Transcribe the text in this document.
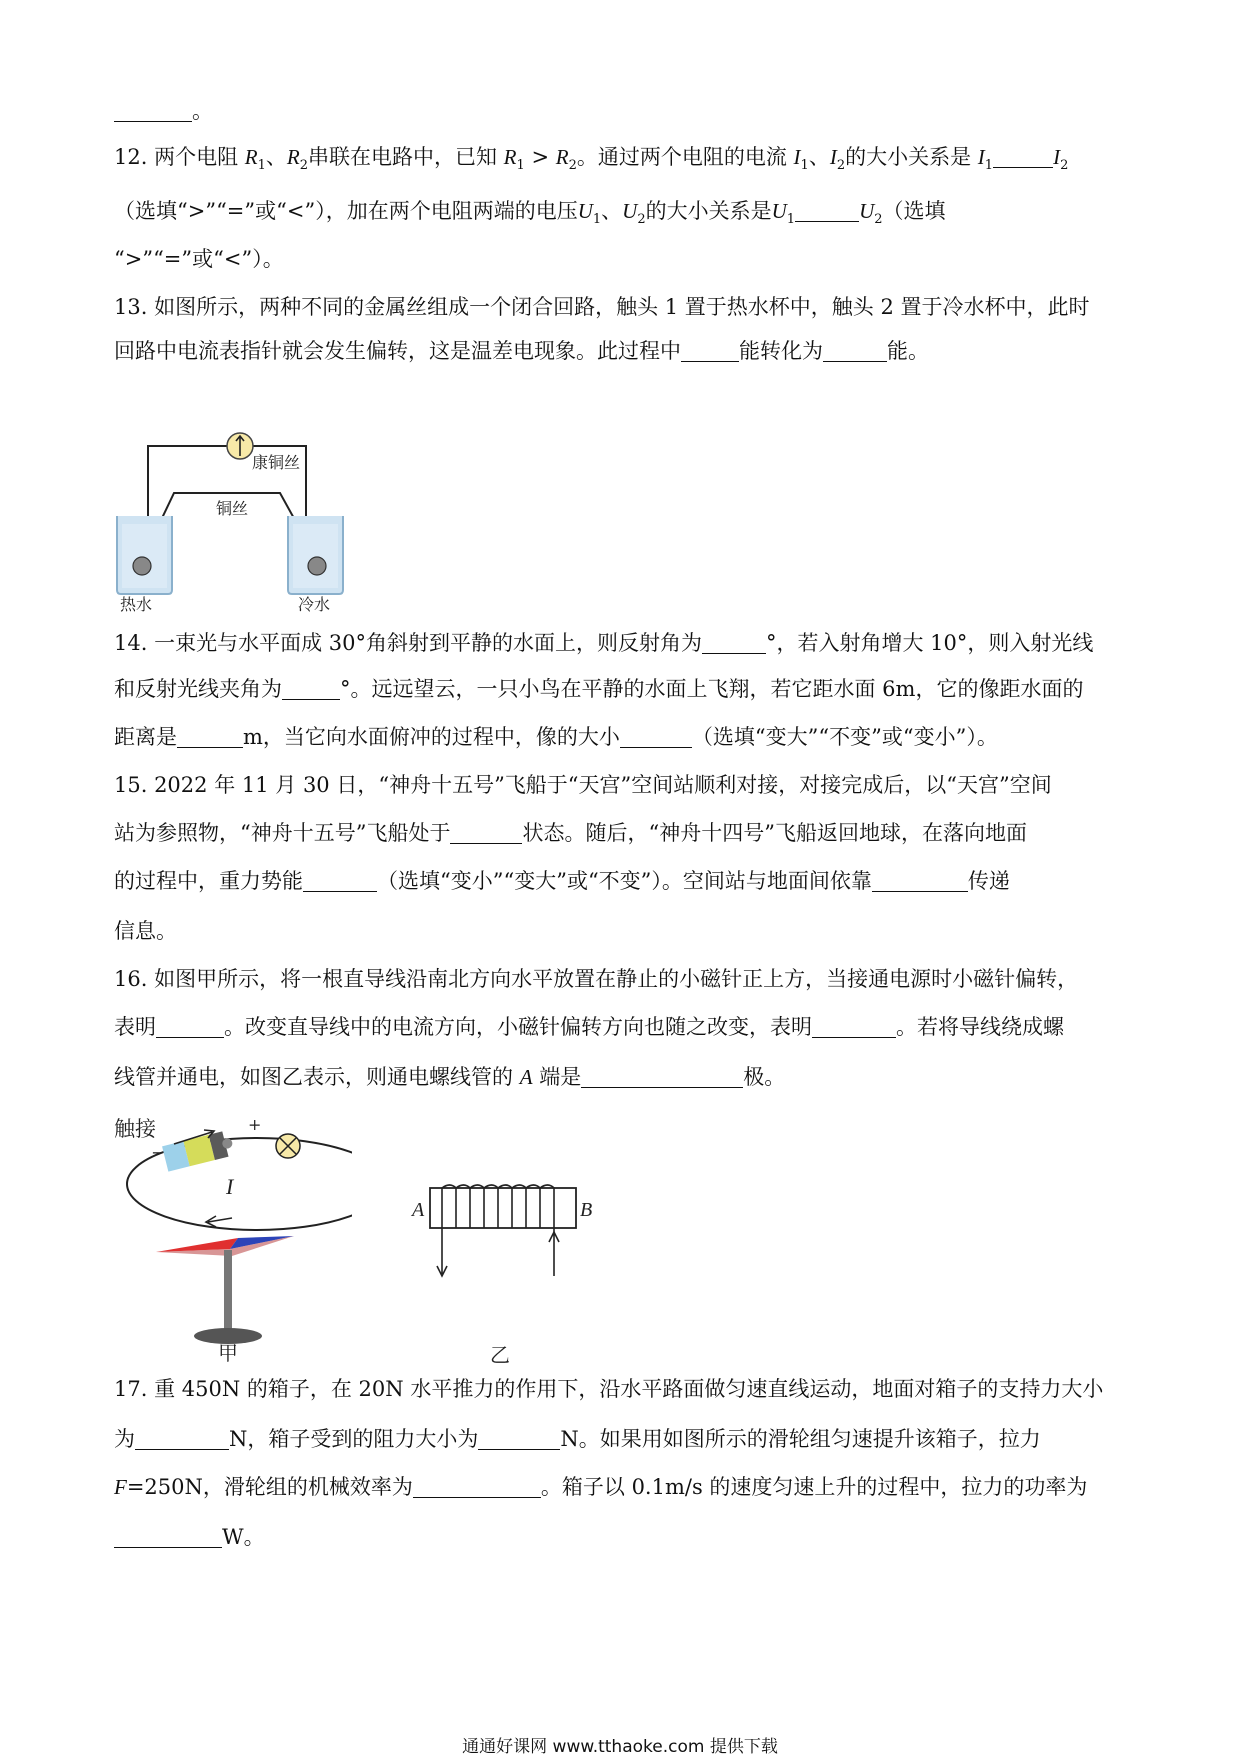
。
12. 两个电阻 $R_1$、$R_2$串联在电路中，已知 $R_1 > R_2$。通过两个电阻的电流 $I_1$、$I_2$的大小关系是 $I_1$	$I_2$
（选填“>”“=”或“<”），加在两个电阻两端的电压$U_1$、$U_2$的大小关系是$U_1$	$U_2$（选填
“>”“=”或“<”）。
13. 如图所示，两种不同的金属丝组成一个闭合回路，触头 1 置于热水杯中，触头 2 置于冷水杯中，此时
回路中电流表指针就会发生偏转，这是温差电现象。此过程中	能转化为	能。
康铜丝
铜丝
热水	冷水
14. 一束光与水平面成 30°角斜射到平静的水面上，则反射角为	°，若入射角增大 10°，则入射光线
和反射光线夹角为	°。远远望云，一只小鸟在平静的水面上飞翔，若它距水面 6m，它的像距水面的
距离是	m，当它向水面俯冲的过程中，像的大小	（选填“变大”“不变”或“变小”）。
15. 2022 年 11 月 30 日，“神舟十五号”飞船于“天宫”空间站顺利对接，对接完成后，以“天宫”空间
站为参照物，“神舟十五号”飞船处于	状态。随后，“神舟十四号”飞船返回地球，在落向地面
的过程中，重力势能	（选填“变小”“变大”或“不变”）。空间站与地面间依靠	传递
信息。
16. 如图甲所示，将一根直导线沿南北方向水平放置在静止的小磁针正上方，当接通电源时小磁针偏转，
表明	。改变直导线中的电流方向，小磁针偏转方向也随之改变，表明	。若将导线绕成螺
线管并通电，如图乙表示，则通电螺线管的 A 端是	极。
触接	+
–
I
甲
A	B
乙
17. 重 450N 的箱子，在 20N 水平推力的作用下，沿水平路面做匀速直线运动，地面对箱子的支持力大小
为	N，箱子受到的阻力大小为	N。如果用如图所示的滑轮组匀速提升该箱子，拉力
F=250N，滑轮组的机械效率为	。箱子以 0.1m/s 的速度匀速上升的过程中，拉力的功率为
W。
通通好课网 www.tthaoke.com 提供下载
